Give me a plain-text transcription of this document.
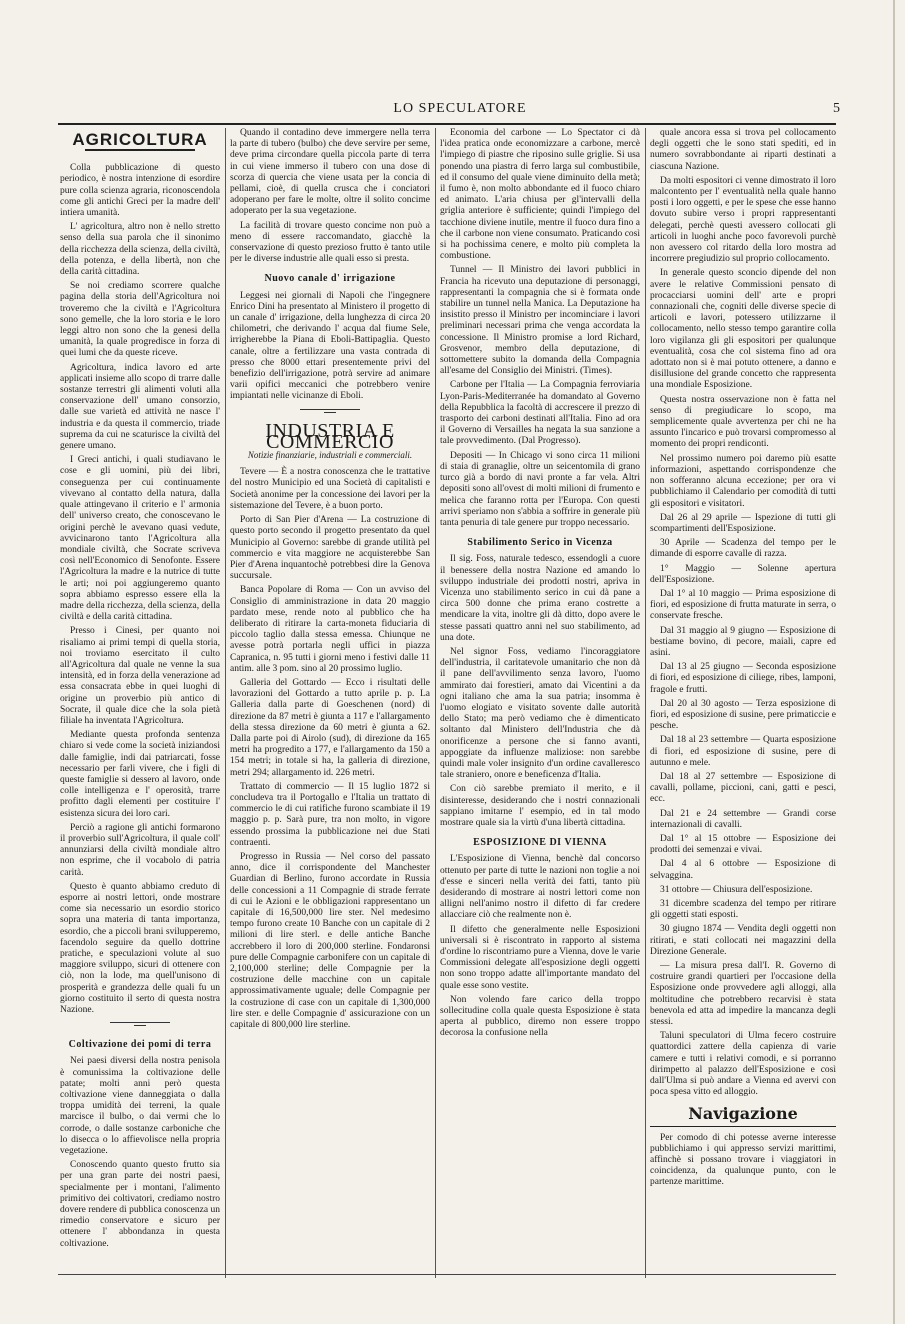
LO SPECULATORE	5
AGRICOLTURA

Colla pubblicazione di questo periodico, è nostra intenzione di esordire pure colla scienza agraria, riconoscendola come gli antichi Greci per la madre dell' intiera umanità.

L' agricoltura, altro non è nello stretto senso della sua parola che il sinonimo della ricchezza della scienza, della civiltà, della potenza, e della libertà, non che della carità cittadina.

Se noi crediamo scorrere qualche pagina della storia dell'Agricoltura noi troveremo che la civiltà e l'Agricoltura sono gemelle, che la loro storia e le loro leggi altro non sono che la genesi della umanità, la quale progredisce in forza di quei lumi che da queste riceve.

Agricoltura, indica lavoro ed arte applicati insieme allo scopo di trarre dalle sostanze terrestri gli alimenti voluti alla conservazione dell' umano consorzio, dalle sue varietà ed attività ne nasce l' industria e da questa il commercio, triade suprema da cui ne scaturisce la civiltà del genere umano.

I Greci antichi, i quali studiavano le cose e gli uomini, più dei libri, conseguenza per cui continuamente vivevano al contatto della natura, dalla quale attingevano il criterio e l' armonia dell' universo creato, che conoscevano le origini perchè le avevano quasi vedute, avvicinarono tanto l'Agricoltura alla mondiale civiltà, che Socrate scriveva così nell'Economico di Senofonte. Essere l'Agricoltura la madre e la nutrice di tutte le arti; noi poi aggiungeremo quanto sopra abbiamo espresso essere ella la madre della ricchezza, della scienza, della civiltà e della carità cittadina.

Presso i Cinesi, per quanto noi risaliamo ai primi tempi di quella storia, noi troviamo esercitato il culto all'Agricoltura dal quale ne venne la sua intensità, ed in forza della venerazione ad essa consacrata ebbe in quei luoghi di origine un proverbio più antico di Socrate, il quale dice che la sola pietà filiale ha inventata l'Agricoltura.

Mediante questa profonda sentenza chiaro si vede come la società iniziandosi dalle famiglie, indi dai patriarcati, fosse necessario per farli vivere, che i figli di queste famiglie si dessero al lavoro, onde colle intelligenza e l' operosità, trarre profitto dagli elementi per costituire l' esistenza sicura dei loro cari.

Perciò a ragione gli antichi formarono il proverbio sull'Agricoltura, il quale coll' annunziarsi della civiltà mondiale altro non esprime, che il vocabolo di patria carità.

Questo è quanto abbiamo creduto di esporre ai nostri lettori, onde mostrare come sia necessario un esordio storico sopra una materia di tanta importanza, esordio, che a piccoli brani svilupperemo, facendolo seguire da quello dottrine pratiche, e speculazioni volute al suo maggiore sviluppo, sicuri di ottenere con ciò, non la lode, ma quell'unisono di prosperità e grandezza delle quali fu un giorno costituito il serto di questa nostra Nazione.

Coltivazione dei pomi di terra

Nei paesi diversi della nostra penisola è comunissima la coltivazione delle patate; molti anni però questa coltivazione viene danneggiata o dalla troppa umidità dei terreni, la quale marcisce il bulbo, o dai vermi che lo corrode, o dalle sostanze carboniche che lo disecca o lo affievolisce nella propria vegetazione.

Conoscendo quanto questo frutto sia per una gran parte dei nostri paesi, specialmente per i montani, l'alimento primitivo dei coltivatori, crediamo nostro dovere rendere di pubblica conoscenza un rimedio conservatore e sicuro per ottenere l' abbondanza in questa coltivazione.

Quando il contadino deve immergere nella terra la parte di tubero (bulbo) che deve servire per seme, deve prima circondare quella piccola parte di terra in cui viene immerso il tubero con una dose di scorza di quercia che viene usata per la concia di pellami, cioè, di quella crusca che i conciatori adoperano per fare le molte, oltre il solito concime adoperato per la sua vegetazione.

La facilità di trovare questo concime non può a meno di essere raccomandato, giacchè la conservazione di questo prezioso frutto è tanto utile per le diverse industrie alle quali esso si presta.

Nuovo canale d' irrigazione

Leggesi nei giornali di Napoli che l'ingegnere Enrico Dini ha presentato al Ministero il progetto di un canale d' irrigazione, della lunghezza di circa 20 chilometri, che derivando l' acqua dal fiume Sele, irrigherebbe la Piana di Eboli-Battipaglia. Questo canale, oltre a fertilizzare una vasta contrada di presso che 8000 ettari presentemente privi del benefizio dell'irrigazione, potrà servire ad animare varii opifici meccanici che potrebbero venire impiantati nelle vicinanze di Eboli.

INDUSTRIA E COMMERCIO
Notizie finanziarie, industriali e commerciali.

Tevere — È a nostra conoscenza che le trattative del nostro Municipio ed una Società di capitalisti e Società anonime per la concessione dei lavori per la sistemazione del Tevere, è a buon porto.

Porto di San Pier d'Arena — La costruzione di questo porto secondo il progetto presentato da quel Municipio al Governo: sarebbe di grande utilità pel commercio e vita maggiore ne acquisterebbe San Pier d'Arena inquantochè potrebbesi dire la Genova succursale.

Banca Popolare di Roma — Con un avviso del Consiglio di amministrazione in data 20 maggio pardato mese, rende noto al pubblico che ha deliberato di ritirare la carta-moneta fiduciaria di piccolo taglio dalla stessa emessa. Chiunque ne avesse potrà portarla negli uffici in piazza Capranica, n. 95 tutti i giorni meno i festivi dalle 11 antim. alle 3 pom. sino al 20 prossimo luglio.

Galleria del Gottardo — Ecco i risultati delle lavorazioni del Gottardo a tutto aprile p. p. La Galleria dalla parte di Goeschenen (nord) di direzione da 87 metri è giunta a 117 e l'allargamento della stessa direzione da 60 metri è giunta a 62. Dalla parte poi di Airolo (sud), di direzione da 165 metri ha progredito a 177, e l'allargamento da 150 a 154 metri; in totale si ha, la galleria di direzione, metri 294; allargamento id. 226 metri.

Trattato di commercio — Il 15 luglio 1872 si concludeva tra il Portogallo e l'Italia un trattato di commercio le di cui ratifiche furono scambiate il 19 maggio p. p. Sarà pure, tra non molto, in vigore essendo prossima la pubblicazione nei due Stati contraenti.

Progresso in Russia — Nel corso del passato anno, dice il corrispondente del Manchester Guardian di Berlino, furono accordate in Russia delle concessioni a 11 Compagnie di strade ferrate di cui le Azioni e le obbligazioni rappresentano un capitale di 16,500,000 lire ster. Nel medesimo tempo furono create 10 Banche con un capitale di 2 milioni di lire sterl. e delle antiche Banche accrebbero il loro di 200,000 sterline. Fondaronsi pure delle Compagnie carbonifere con un capitale di 2,100,000 sterline; delle Compagnie per la costruzione delle macchine con un capitale approssimativamente uguale; delle Compagnie per la costruzione di case con un capitale di 1,300,000 lire ster. e delle Compagnie d' assicurazione con un capitale di 800,000 lire sterline.

Economia del carbone — Lo Spectator ci dà l'idea pratica onde economizzare a carbone, mercè l'impiego di piastre che riposino sulle griglie. Si usa ponendo una piastra di ferro larga sul combustibile, ed il consumo del quale viene diminuito della metà; il fumo è, non molto abbondante ed il fuoco chiaro ed animato. L'aria chiusa per gl'intervalli della griglia anteriore è sufficiente; quindi l'impiego del tacchione diviene inutile, mentre il fuoco dura fino a che il carbone non viene consumato. Praticando così si ha pochissima cenere, e molto più completa la combustione.

Tunnel — Il Ministro dei lavori pubblici in Francia ha ricevuto una deputazione di personaggi, rappresentanti la compagnia che si è formata onde stabilire un tunnel nella Manica. La Deputazione ha insistito presso il Ministro per incominciare i lavori preliminari necessari prima che venga accordata la concessione. Il Ministro promise a lord Richard, Grosvenor, membro della deputazione, di sottomettere subito la domanda della Compagnia all'esame del Consiglio dei Ministri. (Times).

Carbone per l'Italia — La Compagnia ferroviaria Lyon-Paris-Mediterranée ha domandato al Governo della Repubblica la facoltà di accrescere il prezzo di trasporto dei carboni destinati all'Italia. Fino ad ora il Governo di Versailles ha negata la sua sanzione a tale provvedimento. (Dal Progresso).

Depositi — In Chicago vi sono circa 11 milioni di staia di granaglie, oltre un seicentomila di grano turco già a bordo di navi pronte a far vela. Altri depositi sono all'ovest di molti milioni di frumento e melica che faranno rotta per l'Europa. Con questi arrivi speriamo non s'abbia a soffrire in generale più tanta penuria di tale genere pur troppo necessario.

Stabilimento Serico in Vicenza

Il sig. Foss, naturale tedesco, essendogli a cuore il benessere della nostra Nazione ed amando lo sviluppo industriale dei prodotti nostri, apriva in Vicenza uno stabilimento serico in cui dà pane a circa 500 donne che prima erano costrette a mendicare la vita, inoltre gli dà ditto, dopo avere le stesse passati quattro anni nel suo stabilimento, ad una dote.

Nel signor Foss, vediamo l'incoraggiatore dell'industria, il caritatevole umanitario che non dà il pane dell'avvilimento senza lavoro, l'uomo ammirato dai forestieri, amato dai Vicentini a da ogni italiano che ama la sua patria; insomma è l'uomo elogiato e visitato sovente dalle autorità dello Stato; ma però vediamo che è dimenticato soltanto dal Ministero dell'Industria che dà onorificenze a persone che si fanno avanti, appoggiate da influenze maliziose: non sarebbe quindi male voler insignito d'un ordine cavalleresco tale straniero, onore e beneficenza d'Italia.

Con ciò sarebbe premiato il merito, e il disinteresse, desiderando che i nostri connazionali sappiano imitarne l' esempio, ed in tal modo mostrare quale sia la virtù d'una libertà cittadina.

ESPOSIZIONE DI VIENNA

L'Esposizione di Vienna, benchè dal concorso ottenuto per parte di tutte le nazioni non toglie a noi d'esse e sinceri nella verità dei fatti, tanto più desiderando di mostrare ai nostri lettori come non alligni nell'animo nostro il difetto di far credere allacciare ciò che realmente non è.

Il difetto che generalmente nelle Esposizioni universali si è riscontrato in rapporto al sistema d'ordine lo riscontriamo pure a Vienna, dove le varie Commissioni delegate all'esposizione degli oggetti non sono troppo adatte all'importante mandato del quale esse sono vestite.

Non volendo fare carico della troppo sollecitudine colla quale questa Esposizione è stata aperta al pubblico, diremo non essere troppo decorosa la confusione nella

quale ancora essa si trova pel collocamento degli oggetti che le sono stati spediti, ed in numero sovrabbondante ai riparti destinati a ciascuna Nazione.

Da molti espositori ci venne dimostrato il loro malcontento per l' eventualità nella quale hanno posti i loro oggetti, e per le spese che esse hanno dovuto subire verso i propri rappresentanti delegati, perchè questi avessero collocati gli articoli in luoghi anche poco favorevoli purchè non avessero col ritardo della loro mostra ad incorrere pregiudizio sul proprio collocamento.

In generale questo sconcio dipende del non avere le relative Commissioni pensato di procacciarsi uomini dell' arte e propri connazionali che, cogniti delle diverse specie di articoli e lavori, potessero utilizzarne il collocamento, nello stesso tempo garantire colla loro vigilanza gli gli espositori per qualunque eventualità, cosa che col sistema fino ad ora adottato non si è mai potuto ottenere, a danno e disillusione del grande concetto che rappresenta una mondiale Esposizione.

Questa nostra osservazione non è fatta nel senso di pregiudicare lo scopo, ma semplicemente quale avvertenza per chi ne ha assunto l'incarico e può trovarsi compromesso al momento dei propri rendiconti.

Nel prossimo numero poi daremo più esatte informazioni, aspettando corrispondenze che non sofferanno alcuna eccezione; per ora vi pubblichiamo il Calendario per comodità di tutti gli espositori e visitatori.

Dal 26 al 29 aprile — Ispezione di tutti gli scompartimenti dell'Esposizione.

30 Aprile — Scadenza del tempo per le dimande di esporre cavalle di razza.

1° Maggio — Solenne apertura dell'Esposizione.

Dal 1° al 10 maggio — Prima esposizione di fiori, ed esposizione di frutta maturate in serra, o conservate fresche.

Dal 31 maggio al 9 giugno — Esposizione di bestiame bovino, di pecore, maiali, capre ed asini.

Dal 13 al 25 giugno — Seconda esposizione di fiori, ed esposizione di ciliege, ribes, lamponi, fragole e frutti.

Dal 20 al 30 agosto — Terza esposizione di fiori, ed esposizione di susine, pere primaticcie e pesche.

Dal 18 al 23 settembre — Quarta esposizione di fiori, ed esposizione di susine, pere di autunno e mele.

Dal 18 al 27 settembre — Esposizione di cavalli, pollame, piccioni, cani, gatti e pesci, ecc.

Dal 21 e 24 settembre — Grandi corse internazionali di cavalli.

Dal 1° al 15 ottobre — Esposizione dei prodotti dei semenzai e vivai.

Dal 4 al 6 ottobre — Esposizione di selvaggina.

31 ottobre — Chiusura dell'esposizione.

31 dicembre scadenza del tempo per ritirare gli oggetti stati esposti.

30 giugno 1874 — Vendita degli oggetti non ritirati, e stati collocati nei magazzini della Direzione Generale.

— La misura presa dall'I. R. Governo di costruire grandi quartieri per l'occasione della Esposizione onde provvedere agli alloggi, alla moltitudine che potrebbero recarvisi è stata benevola ed atta ad impedire la mancanza degli stessi.

Taluni speculatori di Ulma fecero costruire quattordici zattere della capienza di varie camere e tutti i relativi comodi, e si porranno dirimpetto al palazzo dell'Esposizione e così dall'Ulma si può andare a Vienna ed avervi con poca spesa vitto ed alloggio.

Navigazione

Per comodo di chi potesse averne interesse pubblichiamo i qui appresso servizi marittimi, affinchè si possano trovare i viaggiatori in coincidenza, da qualunque punto, con le partenze marittime.
